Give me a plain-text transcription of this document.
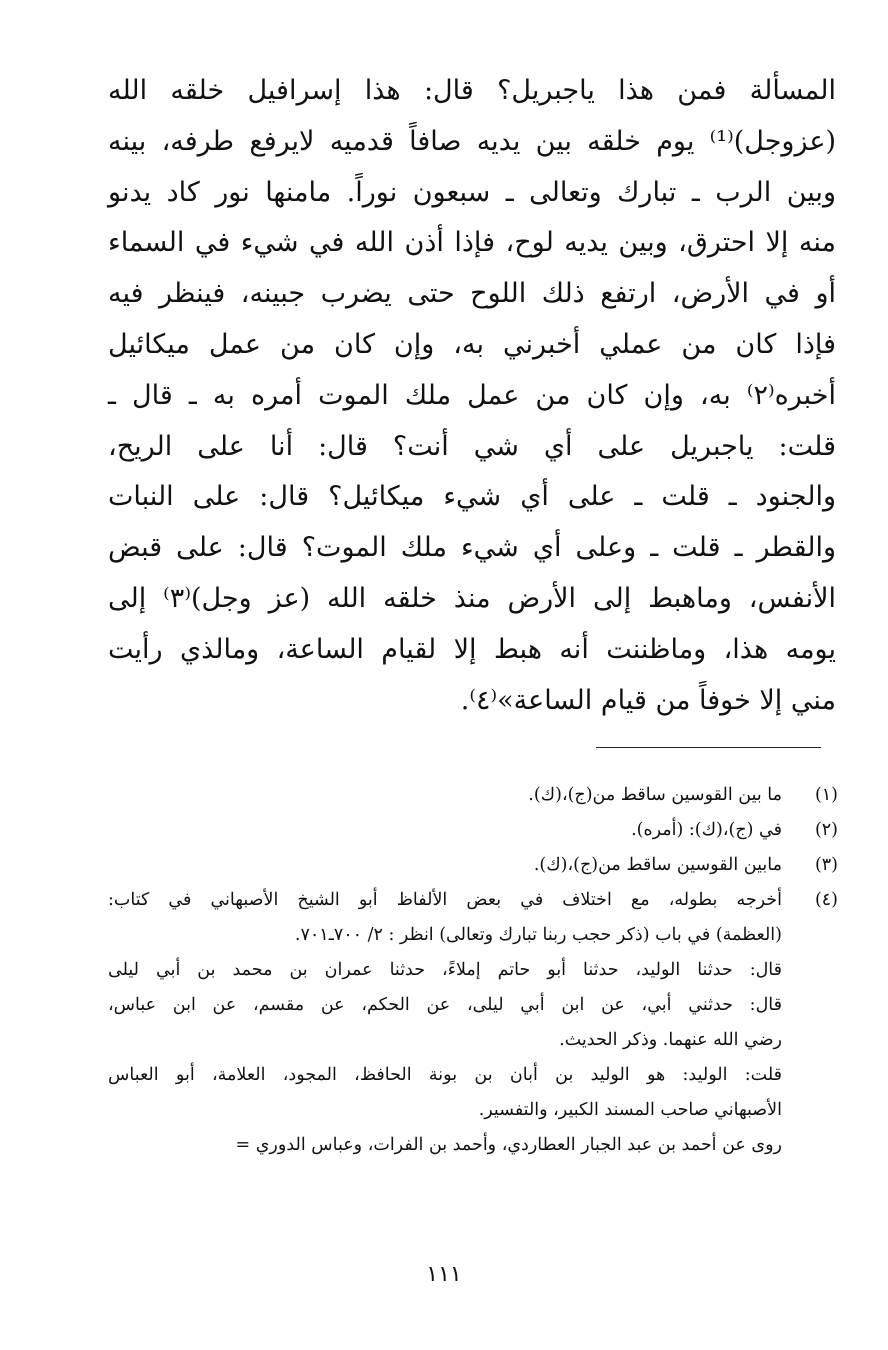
المسألة فمن هذا ياجبريل؟ قال: هذا إسرافيل خلقه الله
(عزوجل)⁽¹⁾ يوم خلقه بين يديه صافاً قدميه لايرفع طرفه، بينه
وبين الرب ـ تبارك وتعالى ـ سبعون نوراً. مامنها نور كاد يدنو
منه إلا احترق، وبين يديه لوح، فإذا أذن الله في شيء في السماء
أو في الأرض، ارتفع ذلك اللوح حتى يضرب جبينه، فينظر فيه
فإذا كان من عملي أخبرني به، وإن كان من عمل ميكائيل
أخبره⁽٢⁾ به، وإن كان من عمل ملك الموت أمره به ـ قال ـ
قلت: ياجبريل على أي شي أنت؟ قال: أنا على الريح،
والجنود ـ قلت ـ على أي شيء ميكائيل؟ قال: على النبات
والقطر ـ قلت ـ وعلى أي شيء ملك الموت؟ قال: على قبض
الأنفس، وماهبط إلى الأرض منذ خلقه الله (عز وجل)⁽٣⁾ إلى
يومه هذا، وماظننت أنه هبط إلا لقيام الساعة، ومالذي رأيت
مني إلا خوفاً من قيام الساعة»⁽٤⁾.
(١)
ما بين القوسين ساقط من(ج)،(ك).
(٢)
في (ج)،(ك): (أمره).
(٣)
مابين القوسين ساقط من(ج)،(ك).
(٤)
أخرجه بطوله، مع اختلاف في بعض الألفاظ أبو الشيخ الأصبهاني في كتاب:
(العظمة) في باب (ذكر حجب ربنا تبارك وتعالى) انظر : ٢/ ٧٠٠ـ٧٠١.
قال: حدثنا الوليد، حدثنا أبو حاتم إملاءً، حدثنا عمران بن محمد بن أبي ليلى
قال: حدثني أبي، عن ابن أبي ليلى، عن الحكم، عن مقسم، عن ابن عباس،
رضي الله عنهما. وذكر الحديث.
قلت: الوليد: هو الوليد بن أبان بن بونة الحافظ، المجود، العلامة، أبو العباس
الأصبهاني صاحب المسند الكبير، والتفسير.
روى عن أحمد بن عبد الجبار العطاردي، وأحمد بن الفرات، وعباس الدوري =
١١١
